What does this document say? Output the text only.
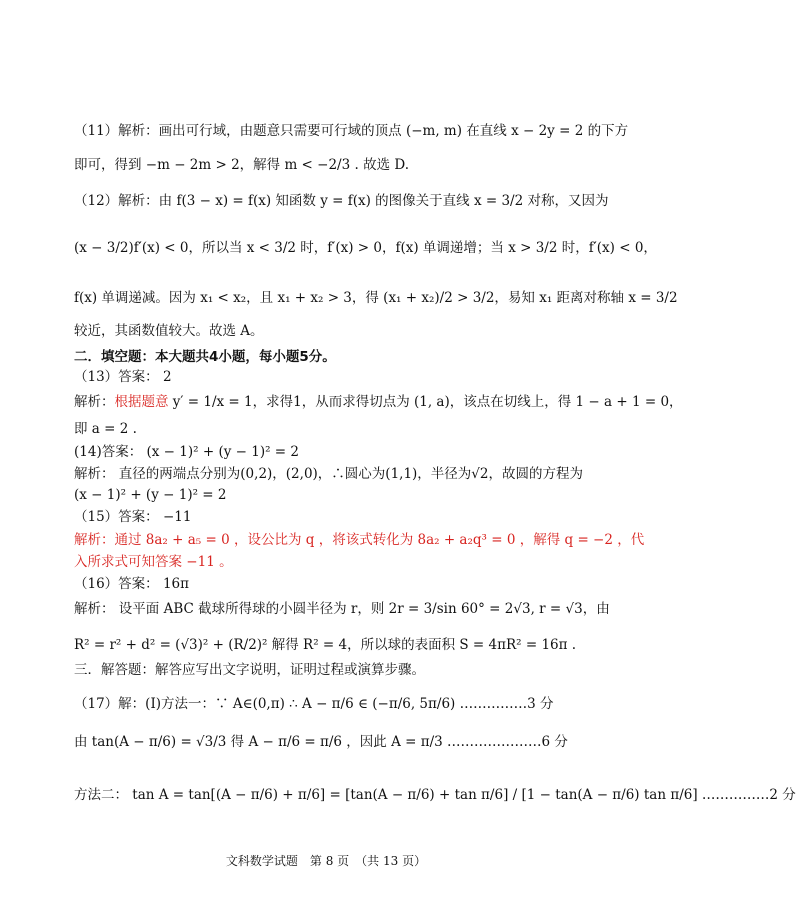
（11）解析：画出可行域，由题意只需要可行域的顶点 (−m, m) 在直线 x − 2y = 2 的下方
即可，得到 −m − 2m > 2，解得 m < −2/3 . 故选 D.
（12）解析：由 f(3 − x) = f(x) 知函数 y = f(x) 的图像关于直线 x = 3/2 对称，又因为
(x − 3/2)f′(x) < 0，所以当 x < 3/2 时，f′(x) > 0，f(x) 单调递增；当 x > 3/2 时，f′(x) < 0，
f(x) 单调递减。因为 x₁ < x₂，且 x₁ + x₂ > 3，得 (x₁ + x₂)/2 > 3/2，易知 x₁ 距离对称轴 x = 3/2
较近，其函数值较大。故选 A。
二．填空题：本大题共4小题，每小题5分。
（13）答案： 2
解析：根据题意 y′ = 1/x = 1，求得1，从而求得切点为 (1, a)，该点在切线上，得 1 − a + 1 = 0，
即 a = 2 .
(14)答案： (x − 1)² + (y − 1)² = 2
解析： 直径的两端点分别为(0,2)，(2,0)，∴圆心为(1,1)，半径为√2，故圆的方程为
(x − 1)² + (y − 1)² = 2
（15）答案： −11
解析：通过 8a₂ + a₅ = 0 ，设公比为 q ，将该式转化为 8a₂ + a₂q³ = 0 ，解得 q = −2 ，代
入所求式可知答案 −11 。
（16）答案： 16π
解析： 设平面 ABC 截球所得球的小圆半径为 r，则 2r = 3/sin 60° = 2√3, r = √3，由
R² = r² + d² = (√3)² + (R/2)² 解得 R² = 4，所以球的表面积 S = 4πR² = 16π .
三．解答题：解答应写出文字说明，证明过程或演算步骤。
（17）解：(Ⅰ)方法一：∵ A∈(0,π) ∴ A − π/6 ∈ (−π/6, 5π/6) ……………3 分
由 tan(A − π/6) = √3/3 得 A − π/6 = π/6 ，因此 A = π/3 …………………6 分
方法二： tan A = tan[(A − π/6) + π/6] = [tan(A − π/6) + tan π/6] / [1 − tan(A − π/6) tan π/6] ……………2 分
文科数学试题　第 8 页　（共 13 页）
